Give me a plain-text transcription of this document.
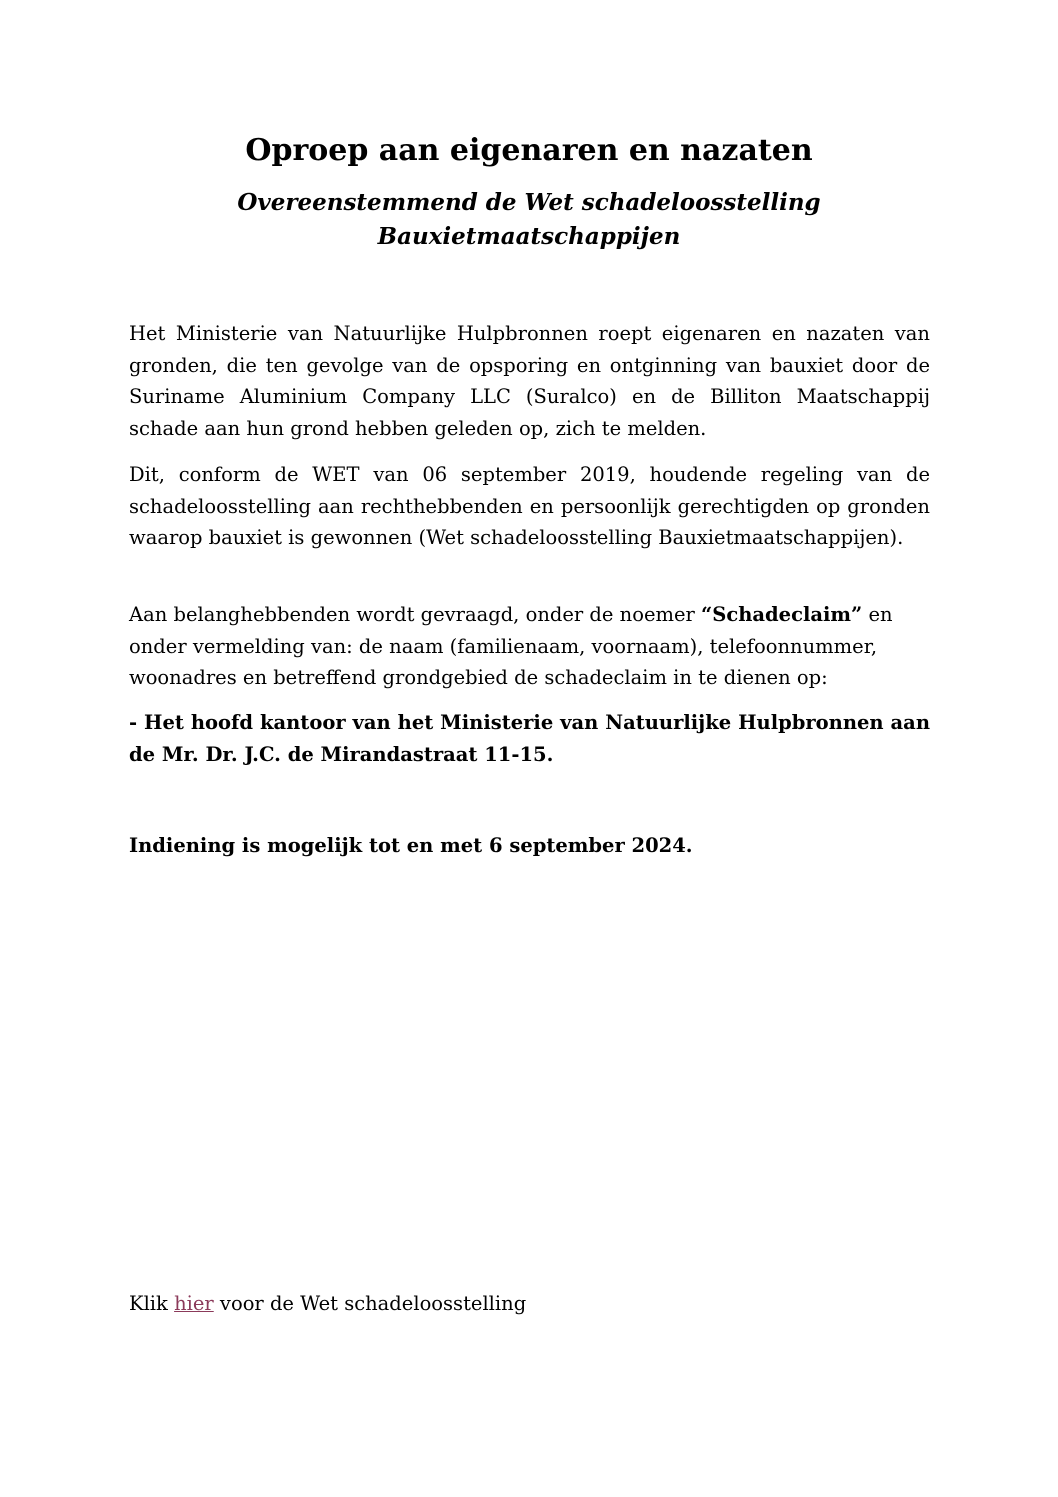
Oproep aan eigenaren en nazaten
Overeenstemmend de Wet schadeloosstelling
Bauxietmaatschappijen

Het Ministerie van Natuurlijke Hulpbronnen roept eigenaren en nazaten van gronden, die ten gevolge van de opsporing en ontginning van bauxiet door de Suriname Aluminium Company LLC (Suralco) en de Billiton Maatschappij schade aan hun grond hebben geleden op, zich te melden.

Dit, conform de WET van 06 september 2019, houdende regeling van de schadeloosstelling aan rechthebbenden en persoonlijk gerechtigden op gronden waarop bauxiet is gewonnen (Wet schadeloosstelling Bauxietmaatschappijen).

Aan belanghebbenden wordt gevraagd, onder de noemer “Schadeclaim” en onder vermelding van: de naam (familienaam, voornaam), telefoonnummer, woonadres en betreffend grondgebied de schadeclaim in te dienen op:

- Het hoofd kantoor van het Ministerie van Natuurlijke Hulpbronnen aan de Mr. Dr. J.C. de Mirandastraat 11-15.

Indiening is mogelijk tot en met 6 september 2024.

Klik hier voor de Wet schadeloosstelling
